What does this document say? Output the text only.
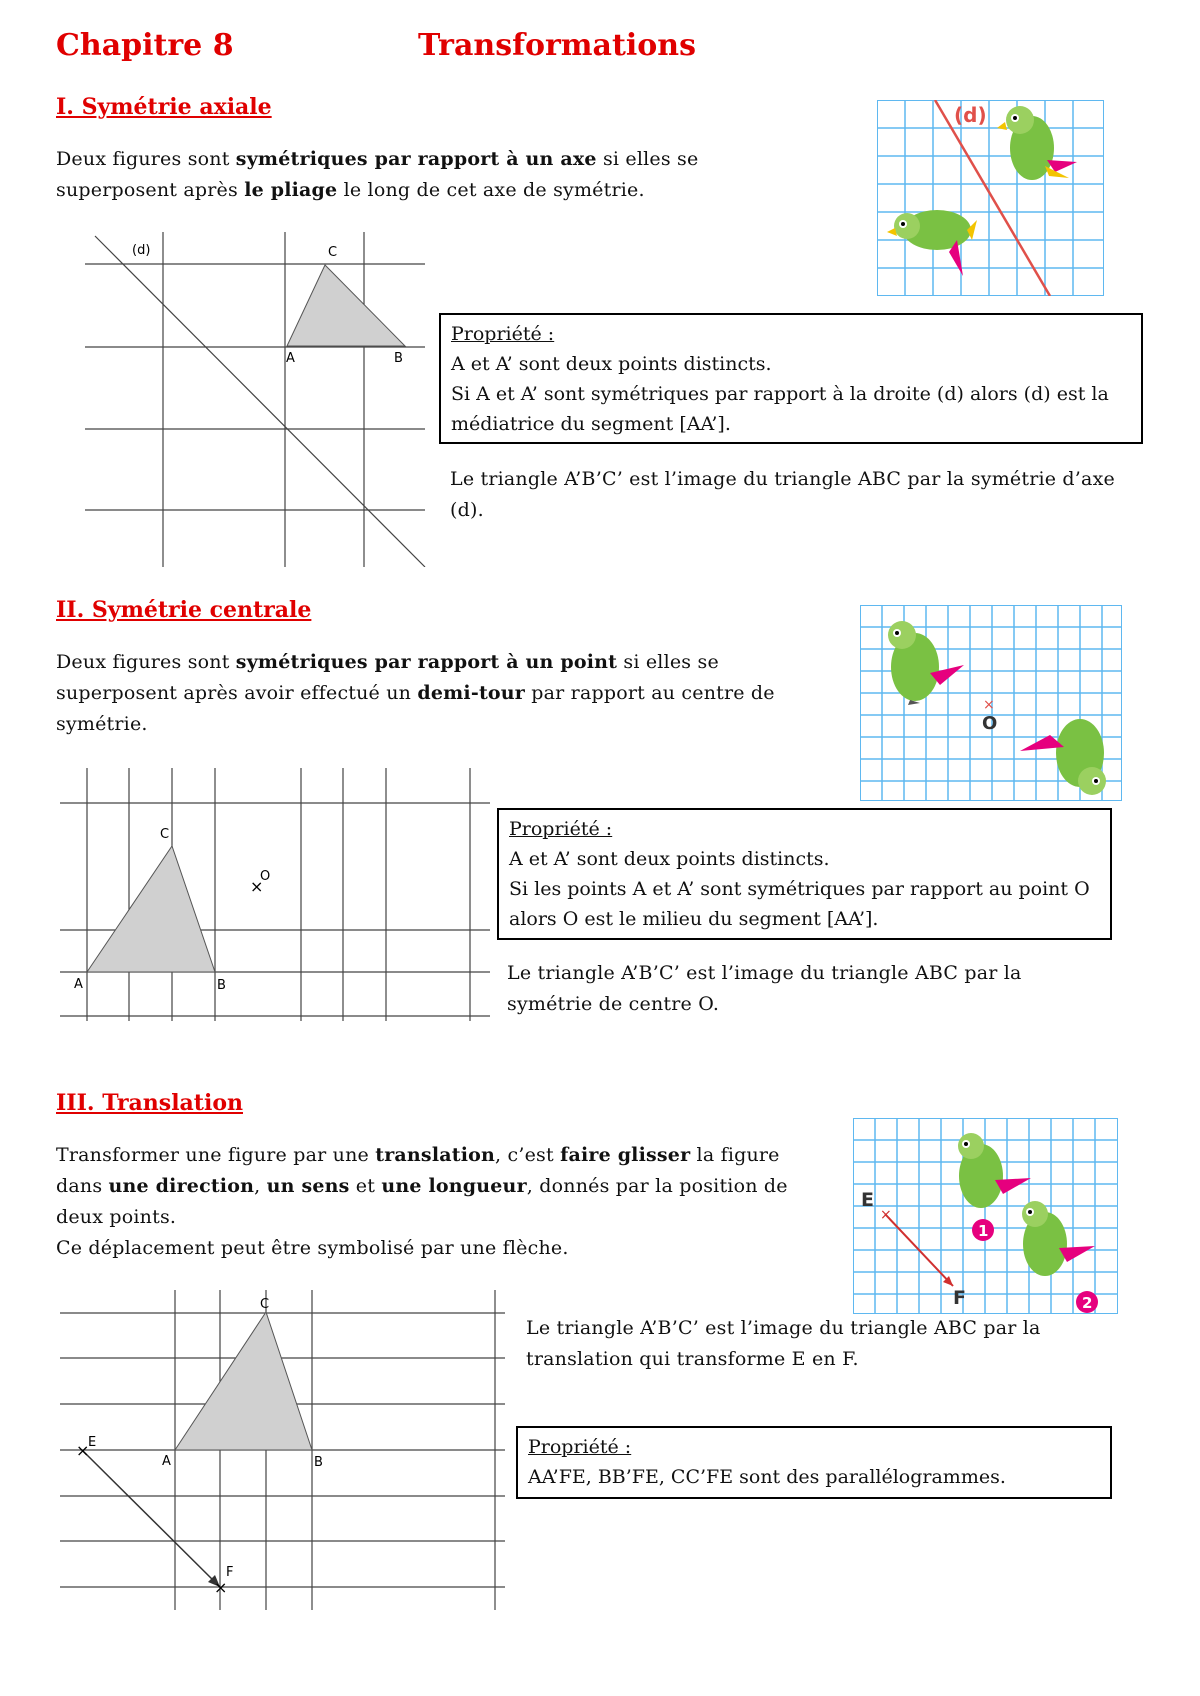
Chapitre 8	Transformations
I. Symétrie axiale
Deux figures sont symétriques par rapport à un axe si elles se superposent après le pliage le long de cet axe de symétrie.
(d)
(d)	C
A	B
Propriété :
A et A’ sont deux points distincts.
Si A et A’ sont symétriques par rapport à la droite (d) alors (d) est la médiatrice du segment [AA’].
Le triangle A’B’C’ est l’image du triangle ABC par la symétrie d’axe (d).
II. Symétrie centrale
Deux figures sont symétriques par rapport à un point si elles se superposent après avoir effectué un demi-tour par rapport au centre de symétrie.
×
O
C
A	B
×
O
Propriété :
A et A’ sont deux points distincts.
Si les points A et A’ sont symétriques par rapport au point O alors O est le milieu du segment [AA’].
Le triangle A’B’C’ est l’image du triangle ABC par la symétrie de centre O.
III. Translation
Transformer une figure par une translation, c’est faire glisser la figure dans une direction, un sens et une longueur, donnés par la position de deux points.
Ce déplacement peut être symbolisé par une flèche.
×
E
F
1
2
×
×
E
F
C
A	B
Le triangle A’B’C’ est l’image du triangle ABC par la translation qui transforme E en F.
Propriété :
AA’FE, BB’FE, CC’FE sont des parallélogrammes.
